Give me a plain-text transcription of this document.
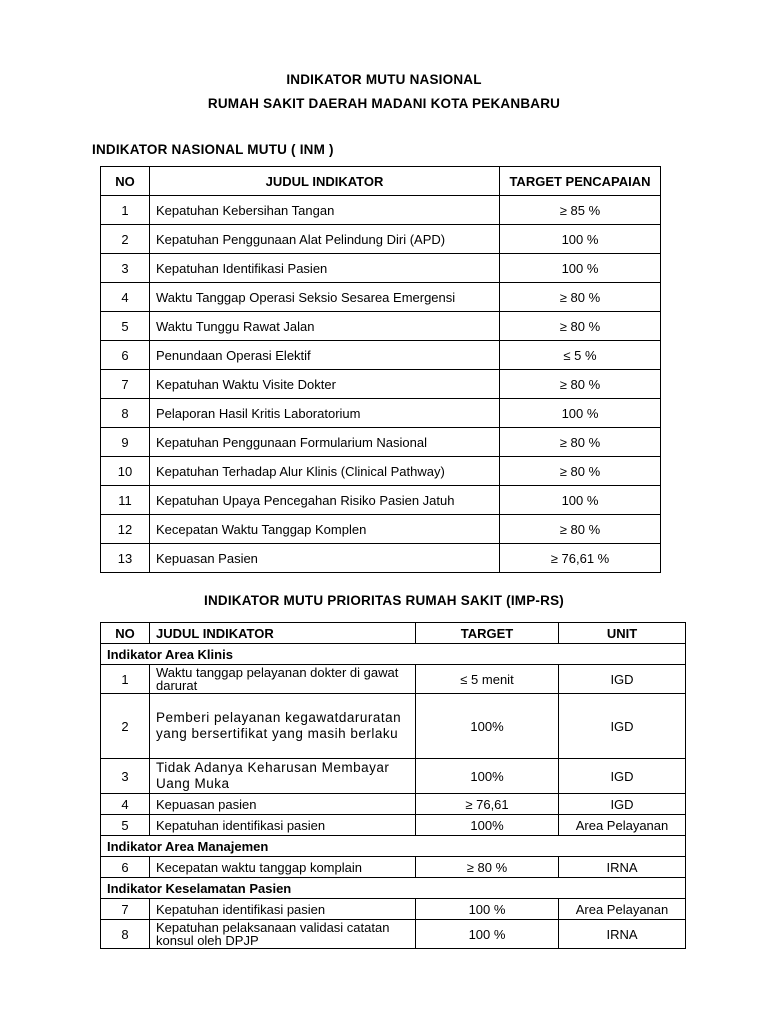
INDIKATOR MUTU NASIONAL
RUMAH SAKIT DAERAH MADANI KOTA PEKANBARU
INDIKATOR NASIONAL MUTU ( INM )
NO	JUDUL INDIKATOR	TARGET PENCAPAIAN
1	Kepatuhan Kebersihan Tangan	≥ 85 %
2	Kepatuhan Penggunaan Alat Pelindung Diri (APD)	100 %
3	Kepatuhan Identifikasi Pasien	100 %
4	Waktu Tanggap Operasi Seksio Sesarea Emergensi	≥ 80 %
5	Waktu Tunggu Rawat Jalan	≥ 80 %
6	Penundaan Operasi Elektif	≤ 5 %
7	Kepatuhan Waktu Visite Dokter	≥ 80 %
8	Pelaporan Hasil Kritis Laboratorium	100 %
9	Kepatuhan Penggunaan Formularium Nasional	≥ 80 %
10	Kepatuhan Terhadap Alur Klinis (Clinical Pathway)	≥ 80 %
11	Kepatuhan Upaya Pencegahan Risiko Pasien Jatuh	100 %
12	Kecepatan Waktu Tanggap Komplen	≥ 80 %
13	Kepuasan Pasien	≥ 76,61 %
INDIKATOR MUTU PRIORITAS RUMAH SAKIT (IMP-RS)
NO	JUDUL INDIKATOR	TARGET	UNIT
Indikator Area Klinis			
1	Waktu tanggap pelayanan dokter di gawat darurat	≤ 5 menit	IGD
2	Pemberi pelayanan kegawatdaruratan yang bersertifikat yang masih berlaku	100%	IGD
3	Tidak Adanya Keharusan Membayar Uang Muka	100%	IGD
4	Kepuasan pasien	≥ 76,61	IGD
5	Kepatuhan identifikasi pasien	100%	Area Pelayanan
Indikator Area Manajemen			
6	Kecepatan waktu tanggap komplain	≥ 80 %	IRNA
Indikator Keselamatan Pasien			
7	Kepatuhan identifikasi pasien	100 %	Area Pelayanan
8	Kepatuhan pelaksanaan validasi catatan konsul oleh DPJP	100 %	IRNA
